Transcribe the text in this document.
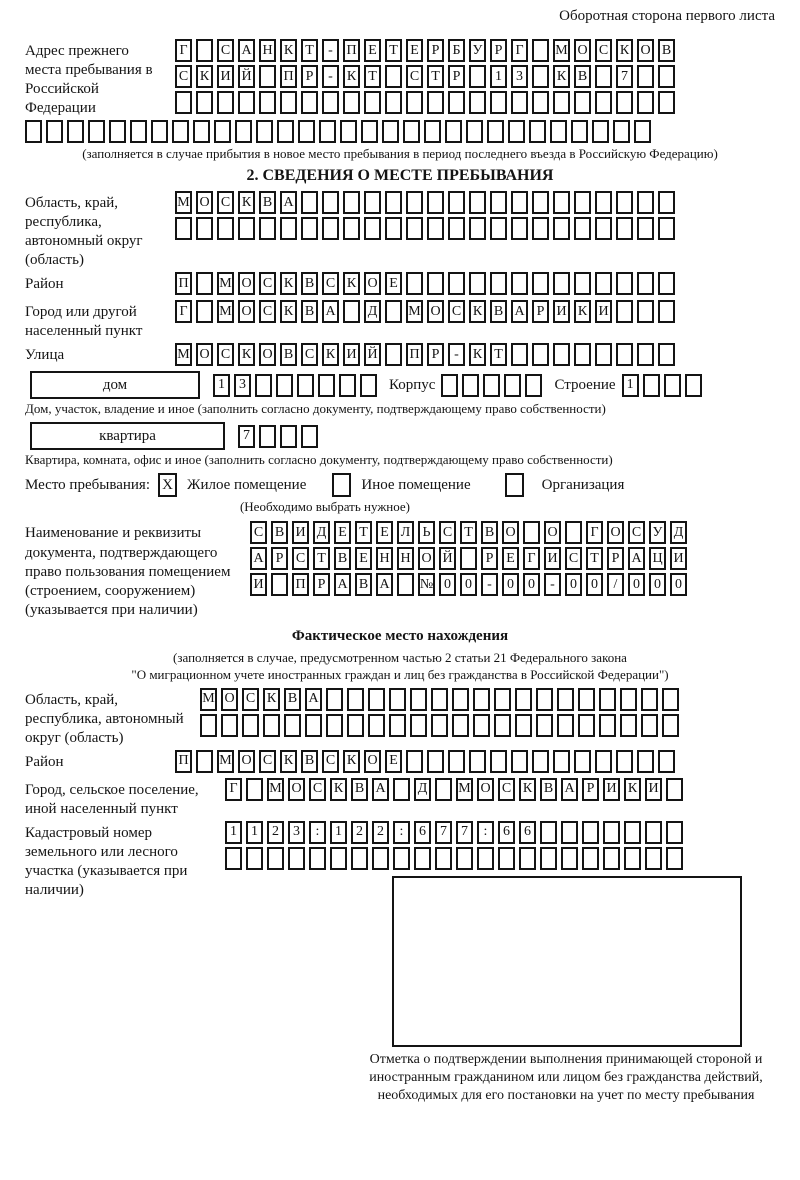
Оборотная сторона первого листа
Адрес прежнего места пребывания в Российской Федерации
Г	С А Н К Т	- П Е Т Е Р Б У Р Г	М О С К О В
С К И Й П Р	-	К Т	С Т Р	1	3	К В	7
(заполняется в случае прибытия в новое место пребывания в период последнего въезда в Российскую Федерацию)
2. СВЕДЕНИЯ О МЕСТЕ ПРЕБЫВАНИЯ
Область, край, республика, автономный округ (область)
М О С К В А
Район	П М О С К В С К О Е
Город или другой населенный пункт
Г	М О С К В А Д М О С К В А Р И К И
Улица	М О С К О В С К И Й П Р	-	К Т
дом	1	3	Корпус	Строение 1
Дом, участок, владение и иное (заполнить согласно документу, подтверждающему право собственности)
квартира	7
Квартира, комната, офис и иное (заполнить согласно документу, подтверждающему право собственности)
Место пребывания: X Жилое помещение	Иное помещение	Организация
(Необходимо выбрать нужное)
Наименование и реквизиты документа, подтверждающего право пользования помещением (строением, сооружением) (указывается при наличии)
С В И Д Е Т Е Л Ь С Т В О О	Г О С У Д
А Р С Т В Е Н Н О Й	Р Е Г И С Т Р А Ц И
И П Р А В А № 0	0	-	0	0	-	0	0	/	0	0	0
Фактическое место нахождения
(заполняется в случае, предусмотренном частью 2 статьи 21 Федерального закона
"О миграционном учете иностранных граждан и лиц без гражданства в Российской Федерации")
Область, край, республика, автономный округ (область)
М О С К В А
Район	П М О С К В С К О Е
Город, сельское поселение, иной населенный пункт
Г	М О С К В А Д М О С К В А Р И К И
Кадастровый номер земельного или лесного участка (указывается при наличии)
1	1	2	3	:	1	2	2	:	6	7	7	:	6	6
Отметка о подтверждении выполнения принимающей стороной и иностранным гражданином или лицом без гражданства действий, необходимых для его постановки на учет по месту пребывания
